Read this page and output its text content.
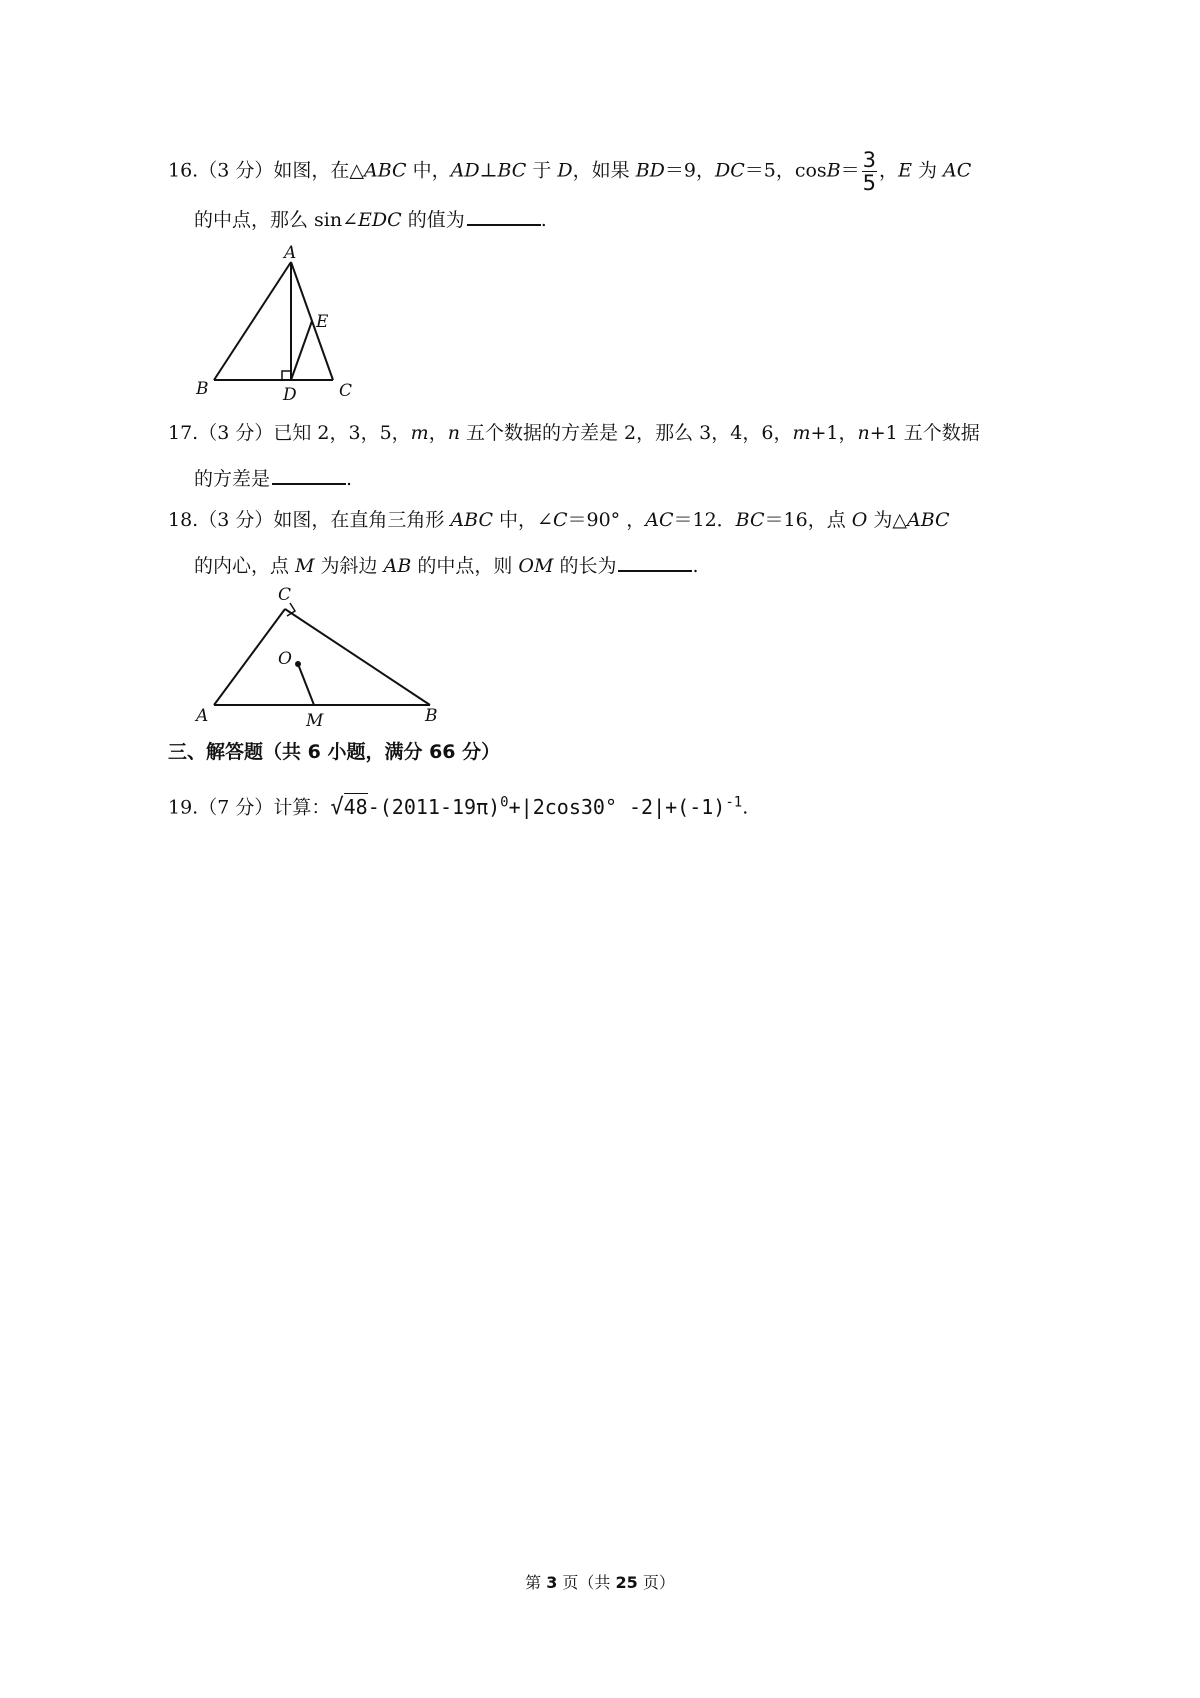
16.（3 分）如图，在△ABC 中，AD⊥BC 于 D，如果 BD＝9，DC＝5，$\cos B= \frac{3}{5}$ ，E 为 AC
的中点，那么 sin∠EDC 的值为	.
A
B	C
D
E
17.（3 分）已知 2，3，5，m，n 五个数据的方差是 2，那么 3，4，6，m+1，n+1 五个数据
的方差是	.
18.（3 分）如图，在直角三角形 ABC 中，∠C＝90° ，AC＝12．BC＝16，点 O 为△ABC
的内心，点 M 为斜边 AB 的中点，则 OM 的长为	.
C
A	B
O
M
三、解答题（共 6 小题，满分 66 分）
19.（7 分）计算：$√48-(2011-19\pi)^0+|2\cos 30^\circ$ $-2|+(-1)^{-1}$.
第 3 页（共 25 页）
